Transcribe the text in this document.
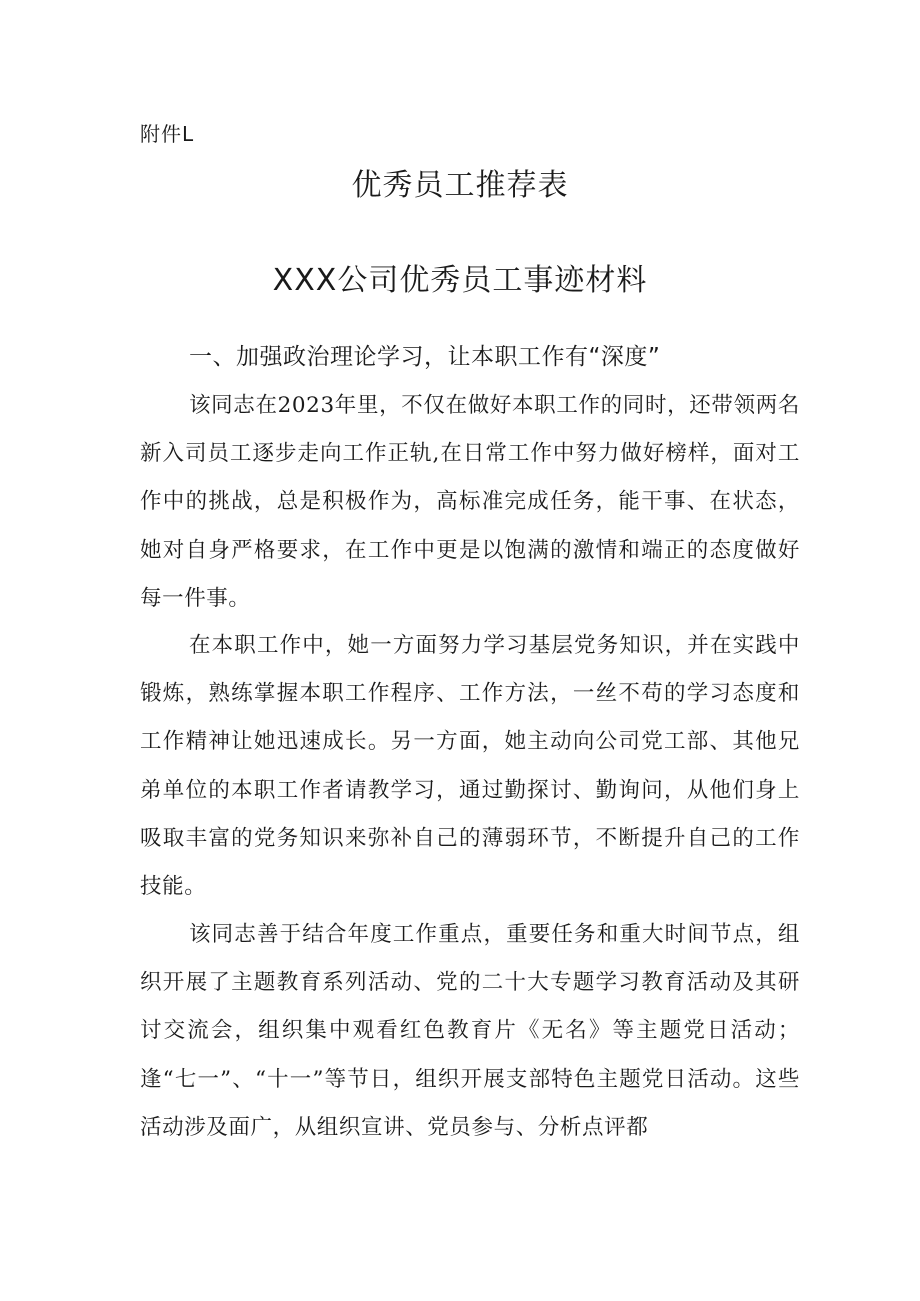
附件L
优秀员工推荐表
XXX公司优秀员工事迹材料
一、加强政治理论学习，让本职工作有“深度”
该同志在2023年里，不仅在做好本职工作的同时，还带领两名新入司员工逐步走向工作正轨,在日常工作中努力做好榜样，面对工作中的挑战，总是积极作为，高标准完成任务，能干事、在状态，她对自身严格要求，在工作中更是以饱满的激情和端正的态度做好每一件事。
在本职工作中，她一方面努力学习基层党务知识，并在实践中锻炼，熟练掌握本职工作程序、工作方法，一丝不苟的学习态度和工作精神让她迅速成长。另一方面，她主动向公司党工部、其他兄弟单位的本职工作者请教学习，通过勤探讨、勤询问，从他们身上吸取丰富的党务知识来弥补自己的薄弱环节，不断提升自己的工作技能。
该同志善于结合年度工作重点，重要任务和重大时间节点，组织开展了主题教育系列活动、党的二十大专题学习教育活动及其研讨交流会，组织集中观看红色教育片《无名》等主题党日活动；逢“七一”、“十一”等节日，组织开展支部特色主题党日活动。这些活动涉及面广，从组织宣讲、党员参与、分析点评都
